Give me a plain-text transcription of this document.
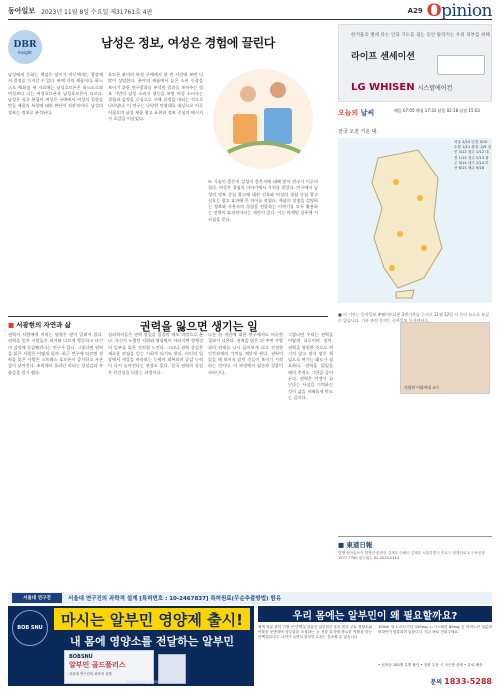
동아일보 2023년 11월 8일 수요일 제31761호 4판	A29 Opinion
DBR
Insight
남성은 정보, 여성은 경험에 끌린다
남성에게 동화는 책임은 암시가 아닌에게는 광장에서 결정을 가져갈 수 있다. 판매 자의 제품이다. 하느스도 백화점 세 자료에는 남성호르몬은 하느도로와 여성보다 다는 여성호르몬과 남성호르몬이 다르다. 남성은 평균 분필이 여성은 구매에서 여성의 결정을 만들 제품의 특성에 대한 판단이 직관적이다. 남성의 정보는 정보로 분석된다.
호르몬 분비의 특정 구매에서 한 번 사건에 보면 더 많이 상담한다. 분야의 제품에서 높은 소비 동향을 보이기 위한 연구결과를 분석한 결과를 보여주는 정보 기반의 남성 소비자 행동을 보면 여성 소비자는 경험과 감정을 중심으로 구매 결정을 내리는 것으로 나타났다. 이 연구는 다양한 연령대를 대상으로 이루어졌으며 남성 제품 광고 표현과 정보 중심의 메시지가 호감을 이끌었다.
또 기술이 좋은지 감성이 좋은지에 대해 많이 연구가 이루어졌다. 여성은 경험의 이야기에서 가치를 찾았다. 연구에서 남성의 정보 중심 광고에 대한 선호와 여성의 경험 중심 광고 선호는 광고 효과에 큰 차이를 보였다. 제품의 장점을 설명하는 정보와 사용자의 경험을 전달하는 이야기를 모두 활용하는 전략이 효과적이라는 제안이 있다. 이는 마케팅 실무에 시사점을 준다.
한겨울의 별세 타는 안과 기도를 겪는 동안 말라지는 우리 피부를 위해
라이프 센세이션
LG WHISEN 시스템에어컨
오늘의 날씨	해뜸 07:05 해짐 17:31 달뜸 02:18 달짐 15:03
전국 오전 기온 대.
서울 2/10 인천 3/10 수원 1/11 춘천 -2/9 강릉 3/12 청주 1/12 대전 1/12 전주 2/13 광주 3/14 대구 2/14 부산 6/15 제주 9/16
■ 이 기사는 동아일보 #웨이토나온 2면기사를 근거로 11월 12일 자 동아 뉴스로 보실 수 있습니다. 기사 관련 문의는 동아일보 독자센터로.
■ 서광현의 자연과 삶	권력을 잃으면 생기는 일
권력이 사람에게 끼치는 영향은 많이 알려져 있다. 권력을 얻은 사람들은 과거와 다르게 행동하고 타인의 감정에 둔감해진다는 연구가 있다. 그렇다면 권력을 잃은 사람은 어떻게 될까. 최근 연구에 따르면 권력을 잃은 사람은 스트레스 호르몬이 증가하고 자존감이 낮아진다. 조직에서 물러난 리더는 상실감과 우울감을 겪기 쉽다.
심리학자들은 권력 상실을 일종의 애도 과정으로 본다. 자신이 누렸던 지위와 영향력이 사라지면 정체성의 일부를 잃은 것처럼 느낀다. 그러나 권력 상실은 새로운 관점을 얻는 기회가 되기도 한다. 타인의 입장에서 세상을 바라보는 능력이 회복되며 공감 능력이 다시 높아진다는 관찰도 있다. 결국 권력의 상실은 인간성을 되찾는 과정이다.
다른 한 개인에 대한 연구에서도 비슷한 결과가 나온다. 권력을 잃은 뒤 주변 사람과의 관계를 다시 돌아보게 되고 진정한 인간관계의 가치를 깨닫게 된다. 권력이 있을 때 보이지 않던 것들이 보이기 시작하는 것이다. 이 과정에서 겸손과 성찰이 자라난다.
그렇다면 우리는 권력을 어떻게 다루어야 할까. 권력을 영원한 것으로 여기지 않고 잠시 맡은 책임으로 여기는 태도가 필요하다. 권력을 잃었을 때의 충격도 그만큼 줄어든다. 권력은 언젠가 끝난다는 사실을 기억하는 것이 삶을 지혜롭게 만드는 길이다.
서광현 이화여대 교수
■ 東道日報
발행 동아일보사 발행인·편집인 김재호 인쇄인 김재호 서울특별시 종로구 청계천로 1 구독신청 1577-7700 광고접수 02-2020-0114
서울대 연구진	서울대 연구진의 과학적 설계 [특허번호 : 10-2467837] 특허원료(무순추출방법) 함유
BOB SNU	마시는 알부민 영양제 출시!
내 몸에 영양소를 전달하는 알부민
BOBSNU
알부민 골드플러스
서울대 연구진의 과학적 설계
600ml(20ml X 30병) [한정판]
우리 몸에는 알부민이 왜 필요할까요?
혈액 성분 중의 가장 큰 단백질 성분인 알부민은 우리 몸의 주요 영양소와 약물을 운반하며 삼투압을 조절하는 등 건강 유지에 중요한 역할을 하는 단백질입니다. 나이가 들면서 알부민 수치는 감소할 수 있습니다.
100ml 당 L-아르기닌 150mg, L-시스테인 80mg 등 아미노산 성분과 비타민이 함유되어 있습니다. 지금 바로 전화주세요.
• 선착순 100명 특별 할인 • 전화 주문 시 사은품 증정 • 무료 배송
문의 1833-5288
